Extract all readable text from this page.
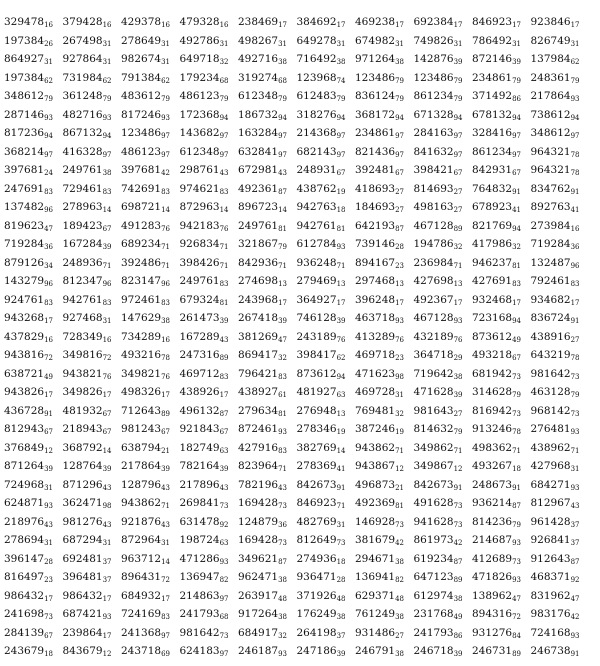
$329478_{16}$ $379428_{16}$ $429378_{16}$ $479328_{16}$ $238469_{17}$ $384692_{17}$ $469238_{17}$ $692384_{17}$ $846923_{17}$ $923846_{17}$
$197384_{26}$ $267498_{31}$ $278649_{31}$ $492786_{31}$ $498267_{31}$ $649278_{31}$ $674982_{31}$ $749826_{31}$ $786492_{31}$ $826749_{31}$
$864927_{31}$ $927864_{31}$ $982674_{31}$ $649718_{32}$ $492716_{38}$ $716492_{38}$ $971264_{38}$ $142876_{39}$ $872146_{39}$ $137984_{62}$
$197384_{62}$ $731984_{62}$ $791384_{62}$ $179234_{68}$ $319274_{68}$ $123968_{74}$ $123486_{79}$ $123486_{79}$ $234861_{79}$ $248361_{79}$
$348612_{79}$ $361248_{79}$ $483612_{79}$ $486123_{79}$ $612348_{79}$ $612483_{79}$ $836124_{79}$ $861234_{79}$ $371492_{86}$ $217864_{93}$
$287146_{93}$ $482716_{93}$ $817246_{93}$ $172368_{94}$ $186732_{94}$ $318276_{94}$ $368172_{94}$ $671328_{94}$ $678132_{94}$ $738612_{94}$
$817236_{94}$ $867132_{94}$ $123486_{97}$ $143682_{97}$ $163284_{97}$ $214368_{97}$ $234861_{97}$ $284163_{97}$ $328416_{97}$ $348612_{97}$
$368214_{97}$ $416328_{97}$ $486123_{97}$ $612348_{97}$ $632841_{97}$ $682143_{97}$ $821436_{97}$ $841632_{97}$ $861234_{97}$ $964321_{78}$
$397681_{24}$ $249761_{38}$ $397681_{42}$ $298761_{43}$ $672981_{43}$ $248931_{67}$ $392481_{67}$ $398421_{67}$ $842931_{67}$ $964321_{78}$
$247691_{83}$ $729461_{83}$ $742691_{83}$ $974621_{83}$ $492361_{87}$ $438762_{19}$ $418693_{27}$ $814693_{27}$ $764832_{91}$ $834762_{91}$
$137482_{96}$ $278963_{14}$ $698721_{14}$ $872963_{14}$ $896723_{14}$ $942763_{18}$ $184693_{27}$ $498163_{27}$ $678923_{41}$ $892763_{41}$
$819623_{47}$ $189423_{67}$ $491283_{76}$ $942183_{76}$ $249761_{81}$ $942761_{81}$ $642193_{87}$ $467128_{89}$ $821769_{94}$ $273984_{16}$
$719284_{36}$ $167284_{39}$ $689234_{71}$ $926834_{71}$ $321867_{79}$ $612784_{93}$ $739146_{28}$ $194786_{32}$ $417986_{32}$ $719284_{36}$
$879126_{34}$ $248936_{71}$ $392486_{71}$ $398426_{71}$ $842936_{71}$ $936248_{71}$ $894167_{23}$ $236984_{71}$ $946237_{81}$ $132487_{96}$
$143279_{96}$ $812347_{96}$ $823147_{96}$ $249761_{83}$ $274698_{13}$ $279469_{13}$ $297468_{13}$ $427698_{13}$ $427691_{83}$ $792461_{83}$
$924761_{83}$ $942761_{83}$ $972461_{83}$ $679324_{81}$ $243968_{17}$ $364927_{17}$ $396248_{17}$ $492367_{17}$ $932468_{17}$ $934682_{17}$
$943268_{17}$ $927468_{31}$ $147629_{38}$ $261473_{39}$ $267418_{39}$ $746128_{39}$ $463718_{93}$ $467128_{93}$ $723168_{94}$ $836724_{91}$
$437829_{16}$ $728349_{16}$ $734289_{16}$ $167289_{43}$ $381269_{47}$ $243189_{76}$ $413289_{76}$ $432189_{76}$ $873612_{49}$ $438916_{27}$
$943816_{72}$ $349816_{72}$ $493216_{78}$ $247316_{89}$ $869417_{32}$ $398417_{62}$ $469718_{23}$ $364718_{29}$ $493218_{67}$ $643219_{78}$
$638721_{49}$ $943821_{76}$ $349821_{76}$ $469712_{83}$ $796421_{83}$ $873612_{94}$ $471623_{98}$ $719642_{38}$ $681942_{73}$ $981642_{73}$
$943826_{17}$ $349826_{17}$ $498326_{17}$ $438926_{17}$ $438927_{61}$ $481927_{63}$ $469728_{31}$ $471628_{39}$ $314628_{79}$ $463128_{79}$
$436728_{91}$ $481932_{67}$ $712643_{89}$ $496132_{87}$ $279634_{81}$ $276948_{13}$ $769481_{32}$ $981643_{27}$ $816942_{73}$ $968142_{73}$
$812943_{67}$ $218943_{67}$ $981243_{67}$ $921843_{67}$ $872461_{93}$ $278346_{19}$ $387246_{19}$ $814632_{79}$ $913246_{78}$ $276481_{93}$
$376849_{12}$ $368792_{14}$ $638794_{21}$ $182749_{63}$ $427916_{83}$ $382769_{14}$ $943862_{71}$ $349862_{71}$ $498362_{71}$ $438962_{71}$
$871264_{39}$ $128764_{39}$ $217864_{39}$ $782164_{39}$ $823964_{71}$ $278369_{41}$ $943867_{12}$ $349867_{12}$ $493267_{18}$ $427968_{31}$
$724968_{31}$ $871296_{43}$ $128796_{43}$ $217896_{43}$ $782196_{43}$ $842673_{91}$ $496873_{21}$ $842673_{91}$ $248673_{91}$ $684271_{93}$
$624871_{93}$ $362471_{98}$ $943862_{71}$ $269841_{73}$ $169428_{73}$ $846923_{71}$ $492369_{81}$ $491628_{73}$ $936214_{87}$ $812967_{43}$
$218976_{43}$ $981276_{43}$ $921876_{43}$ $631478_{92}$ $124879_{36}$ $482769_{31}$ $146928_{73}$ $941628_{73}$ $814236_{79}$ $961428_{37}$
$278694_{31}$ $687294_{31}$ $872964_{31}$ $198724_{63}$ $169428_{73}$ $812649_{73}$ $381679_{42}$ $861973_{42}$ $214687_{93}$ $926841_{37}$
$396147_{28}$ $692481_{37}$ $963712_{14}$ $471286_{93}$ $349621_{87}$ $274936_{18}$ $294671_{38}$ $619234_{87}$ $412689_{73}$ $912643_{87}$
$816497_{23}$ $396481_{37}$ $896431_{72}$ $136947_{82}$ $962471_{38}$ $936471_{28}$ $136941_{82}$ $647123_{89}$ $471826_{93}$ $468371_{92}$
$986432_{17}$ $986432_{17}$ $684932_{17}$ $214863_{97}$ $263917_{48}$ $371926_{48}$ $629371_{48}$ $612974_{38}$ $138962_{47}$ $831962_{47}$
$241698_{73}$ $687421_{93}$ $724169_{83}$ $241793_{68}$ $917264_{38}$ $176249_{38}$ $761249_{38}$ $231768_{49}$ $894316_{72}$ $983176_{42}$
$284139_{67}$ $239864_{17}$ $241368_{97}$ $981642_{73}$ $684917_{32}$ $264198_{37}$ $931486_{27}$ $241793_{86}$ $931276_{84}$ $724168_{93}$
$243679_{18}$ $843679_{12}$ $243718_{69}$ $624183_{97}$ $246187_{93}$ $247186_{39}$ $246791_{38}$ $246718_{39}$ $246731_{89}$ $246738_{91}$
